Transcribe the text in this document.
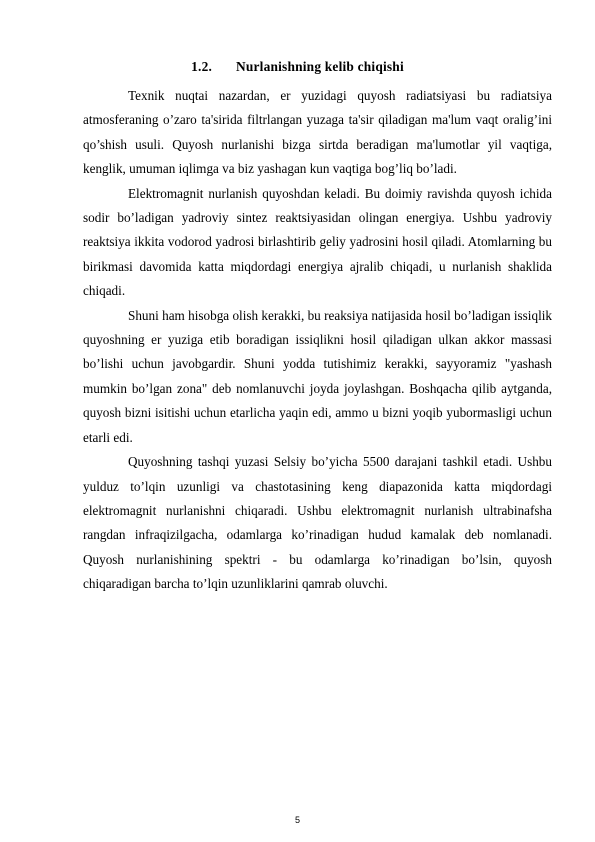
1.2. Nurlanishning kelib chiqishi

Texnik nuqtai nazardan, er yuzidagi quyosh radiatsiyasi bu radiatsiya atmosferaning o’zaro ta'sirida filtrlangan yuzaga ta'sir qiladigan ma'lum vaqt oralig’ini qo’shish usuli. Quyosh nurlanishi bizga sirtda beradigan ma'lumotlar yil vaqtiga, kenglik, umuman iqlimga va biz yashagan kun vaqtiga bog’liq bo’ladi.

Elektromagnit nurlanish quyoshdan keladi. Bu doimiy ravishda quyosh ichida sodir bo’ladigan yadroviy sintez reaktsiyasidan olingan energiya. Ushbu yadroviy reaktsiya ikkita vodorod yadrosi birlashtirib geliy yadrosini hosil qiladi. Atomlarning bu birikmasi davomida katta miqdordagi energiya ajralib chiqadi, u nurlanish shaklida chiqadi.

Shuni ham hisobga olish kerakki, bu reaksiya natijasida hosil bo’ladigan issiqlik quyoshning er yuziga etib boradigan issiqlikni hosil qiladigan ulkan akkor massasi bo’lishi uchun javobgardir. Shuni yodda tutishimiz kerakki, sayyoramiz "yashash mumkin bo’lgan zona" deb nomlanuvchi joyda joylashgan. Boshqacha qilib aytganda, quyosh bizni isitishi uchun etarlicha yaqin edi, ammo u bizni yoqib yubormasligi uchun etarli edi.

Quyoshning tashqi yuzasi Selsiy bo’yicha 5500 darajani tashkil etadi. Ushbu yulduz to’lqin uzunligi va chastotasining keng diapazonida katta miqdordagi elektromagnit nurlanishni chiqaradi. Ushbu elektromagnit nurlanish ultrabinafsha rangdan infraqizilgacha, odamlarga ko’rinadigan hudud kamalak deb nomlanadi. Quyosh nurlanishining spektri - bu odamlarga ko’rinadigan bo’lsin, quyosh chiqaradigan barcha to’lqin uzunliklarini qamrab oluvchi.

5
